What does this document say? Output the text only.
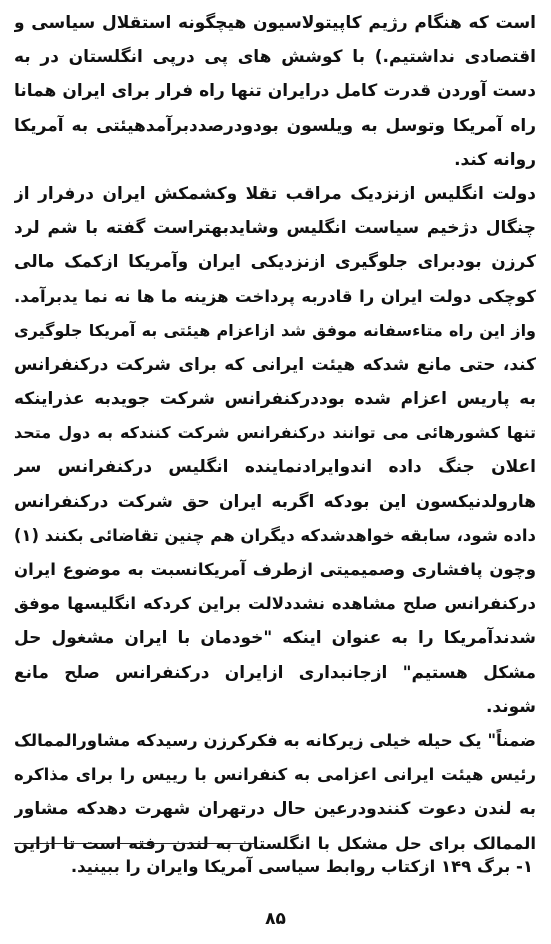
است که هنگام رژیم کاپیتولاسیون هیچگونه استقلال سیاسی و
اقتصادی نداشتیم.) با کوشش های پی درپی انگلستان در به
دست آوردن قدرت کامل درایران تنها راه فرار برای ایران همانا
راه آمریکا وتوسل به ویلسون بودودرصددبرآمدهیئتی به آمریکا
روانه کند.
دولت انگلیس ازنزدیک مراقب تقلا وکشمکش ایران درفرار از
چنگال دژخیم سیاست انگلیس وشایدبهتراست گفته با شم لرد
کرزن بودبرای جلوگیری ازنزدیکی ایران وآمریکا ازکمک مالی
کوچکی دولت ایران را قادربه پرداخت هزینه ما ها نه نما یدبرآمد.
واز این راه متاءسفانه موفق شد ازاعزام هیئتی به آمریکا جلوگیری
کند، حتی مانع شدکه هیئت ایرانی که برای شرکت درکنفرانس
به پاریس اعزام شده بوددرکنفرانس شرکت جویدبه عذراینکه
تنها کشورهائی می توانند درکنفرانس شرکت کنندکه به دول متحد
اعلان جنگ داده اندوایرادنماینده انگلیس درکنفرانس سر
هارولدنیکسون این بودکه اگربه ایران حق شرکت درکنفرانس
داده شود، سابقه خواهدشدکه دیگران هم چنین تقاضائی بکنند (۱)
وچون پافشاری وصمیمیتی ازطرف آمریکانسبت به موضوع ایران
درکنفرانس صلح مشاهده نشددلالت براین کردکه انگلیسها موفق
شدندآمریکا را به عنوان اینکه "خودمان با ایران مشغول حل
مشکل هستیم" ازجانبداری ازایران درکنفرانس صلح مانع
شوند.
ضمناً" یک حیله خیلی زیرکانه به فکرکرزن رسیدکه مشاورالممالک
رئیس هیئت ایرانی اعزامی به کنفرانس با رییس را برای مذاکره
به لندن دعوت کنندودرعین حال درتهران شهرت دهدکه مشاور
الممالک برای حل مشکل با انگلستان به لندن رفته است تا ازاین
۱- برگ ۱۴۹ ازکتاب روابط سیاسی آمریکا وایران را ببینید.
۸۵
